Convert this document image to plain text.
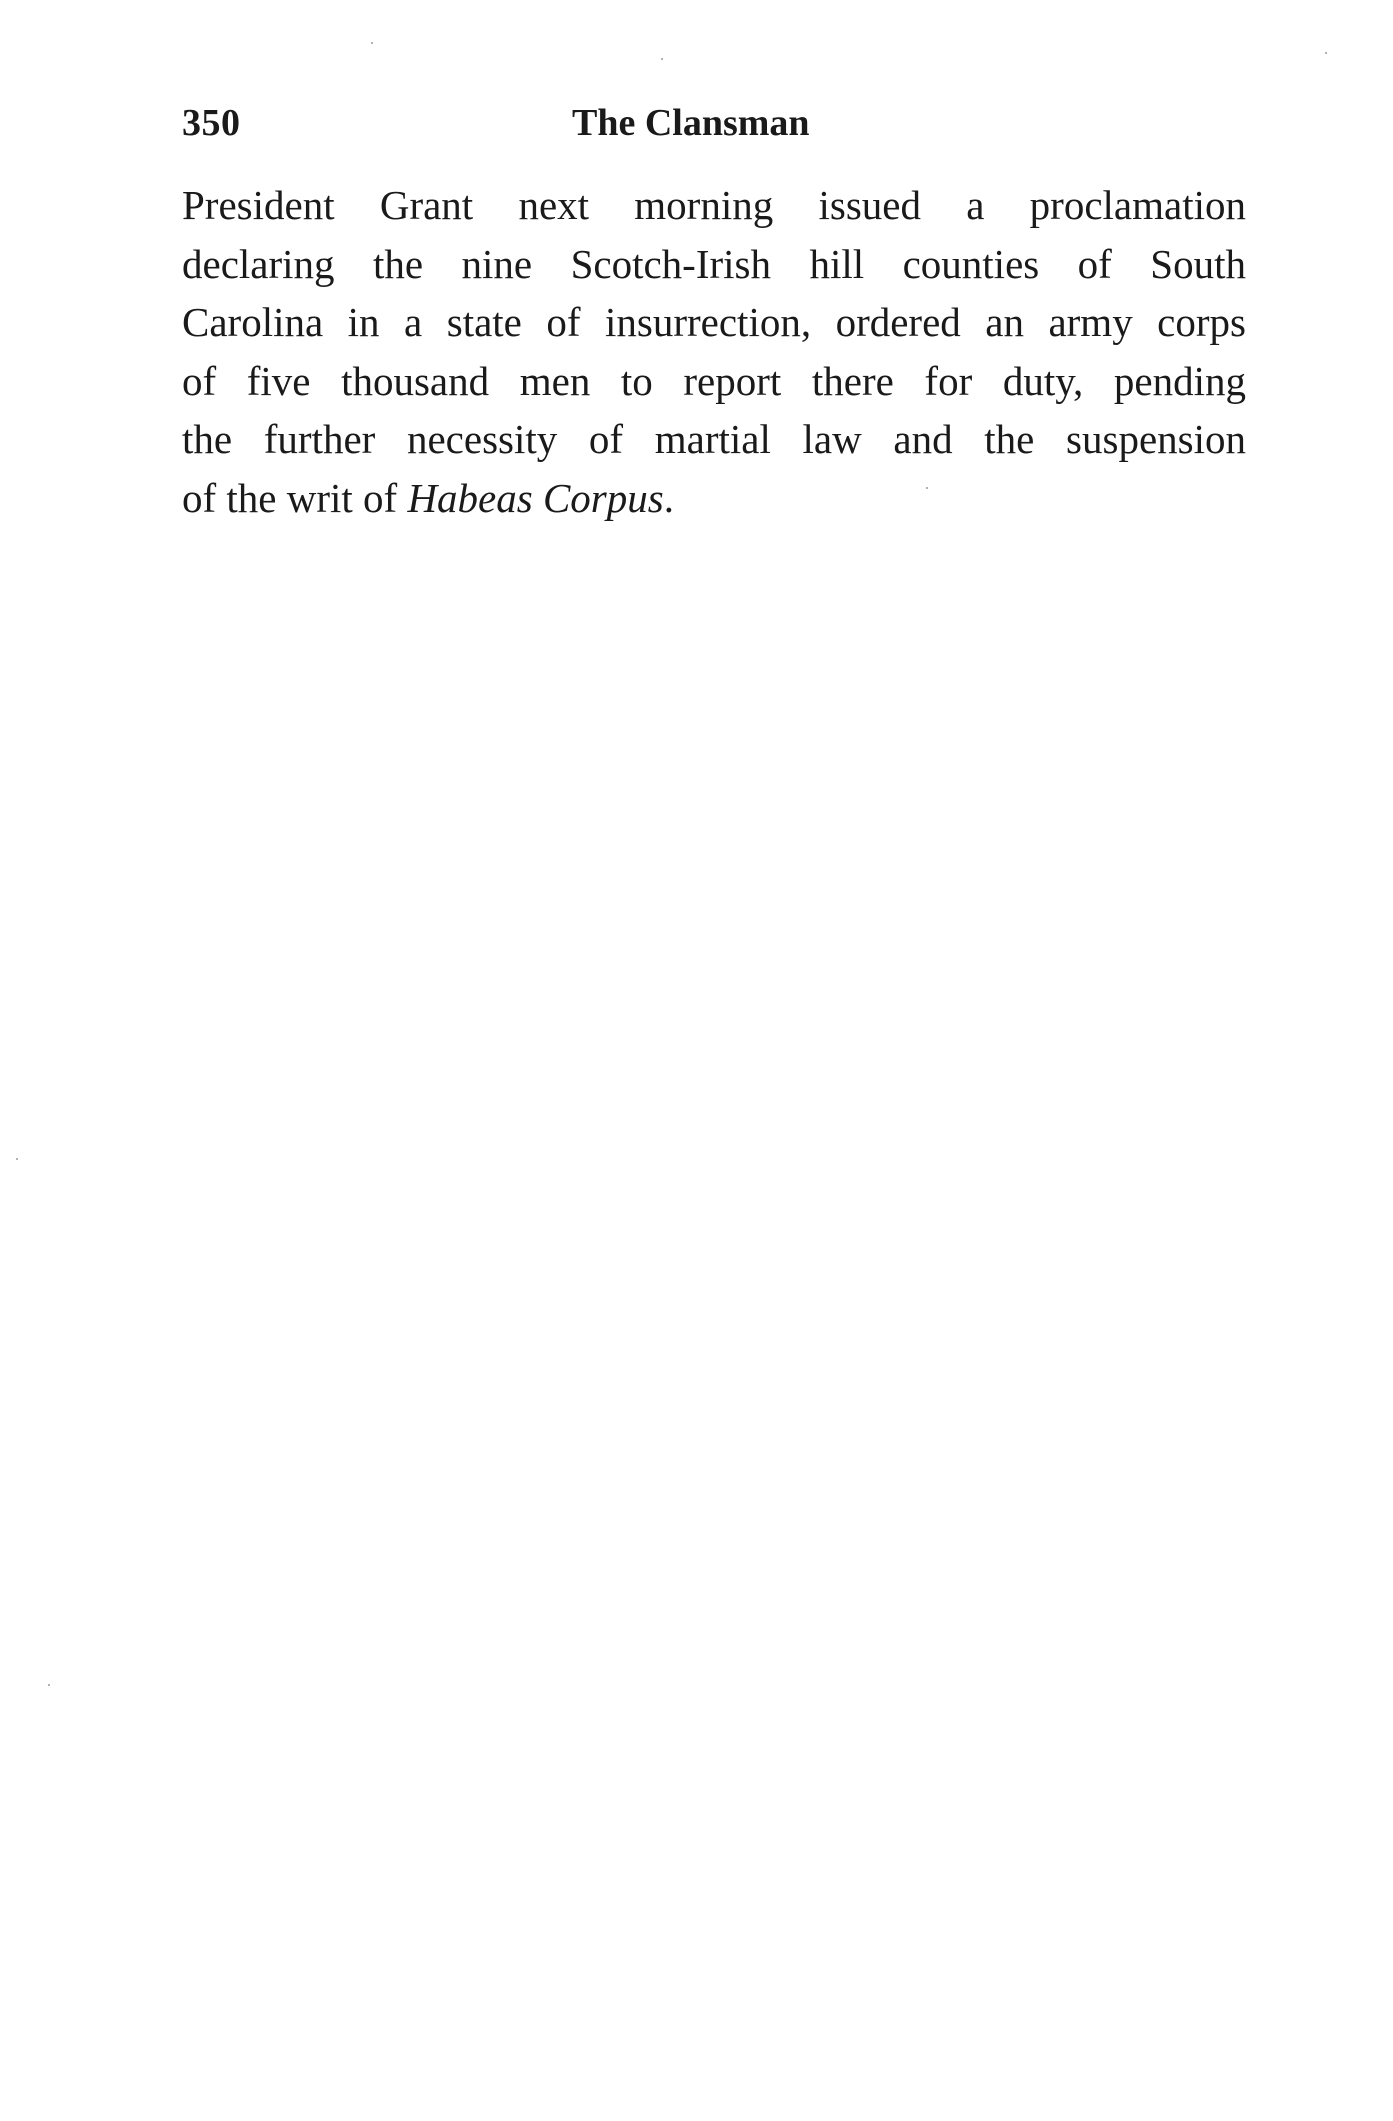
350	The Clansman
President Grant next morning issued a proclamation
declaring the nine Scotch-Irish hill counties of South
Carolina in a state of insurrection, ordered an army corps
of five thousand men to report there for duty, pending
the further necessity of martial law and the suspension
of the writ of Habeas Corpus.
